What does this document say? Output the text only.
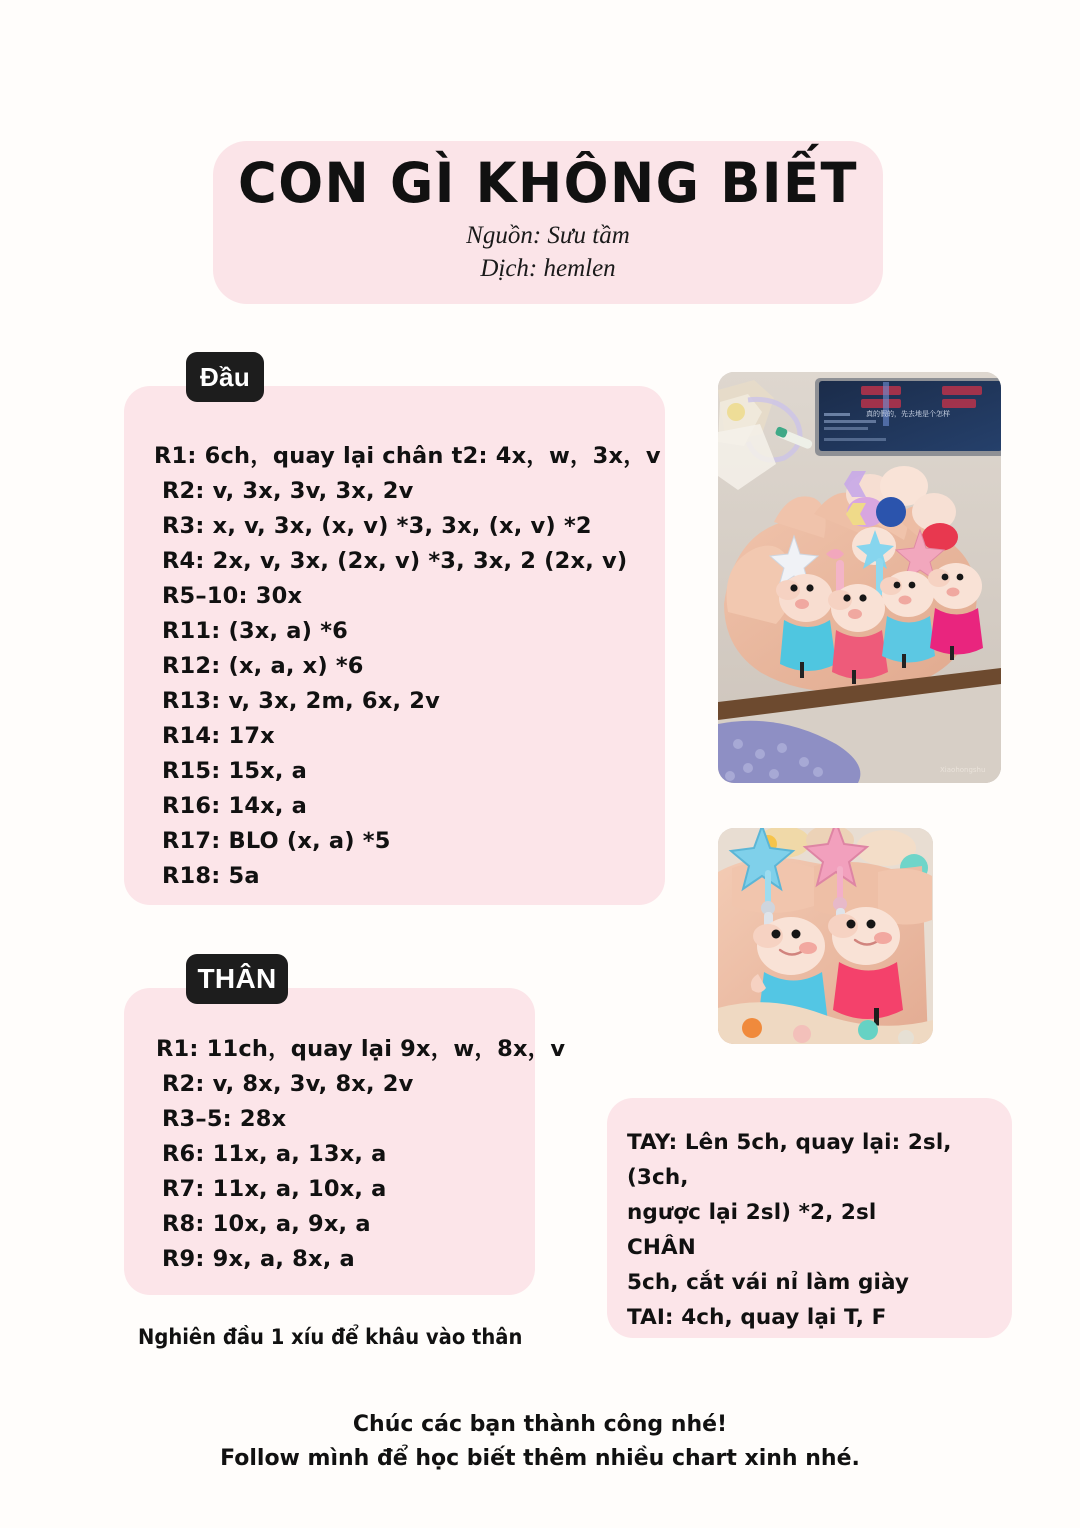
CON GÌ KHÔNG BIẾT
Nguồn: Sưu tầm
Dịch: hemlen
Đầu
R1: 6ch，quay lại chân t2: 4x，w，3x，v
R2: v, 3x, 3v, 3x, 2v
R3: x, v, 3x, (x, v) *3, 3x, (x, v) *2
R4: 2x, v, 3x, (2x, v) *3, 3x, 2 (2x, v)
R5–10: 30x
R11: (3x, a) *6
R12: (x, a, x) *6
R13: v, 3x, 2m, 6x, 2v
R14: 17x
R15: 15x, a
R16: 14x, a
R17: BLO (x, a) *5
R18: 5a
THÂN
R1: 11ch，quay lại 9x，w，8x，v
R2: v, 8x, 3v, 8x, 2v
R3–5: 28x
R6: 11x, a, 13x, a
R7: 11x, a, 10x, a
R8: 10x, a, 9x, a
R9: 9x, a, 8x, a
TAY: Lên 5ch, quay lại: 2sl, (3ch,
ngược lại 2sl) *2, 2sl
CHÂN
5ch, cắt vái nỉ làm giày
TAI: 4ch, quay lại T, F
真的假的，先去地是个怎样
Xiaohongshu
Nghiên đầu 1 xíu để khâu vào thân
Chúc các bạn thành công nhé!
Follow mình để học biết thêm nhiều chart xinh nhé.
